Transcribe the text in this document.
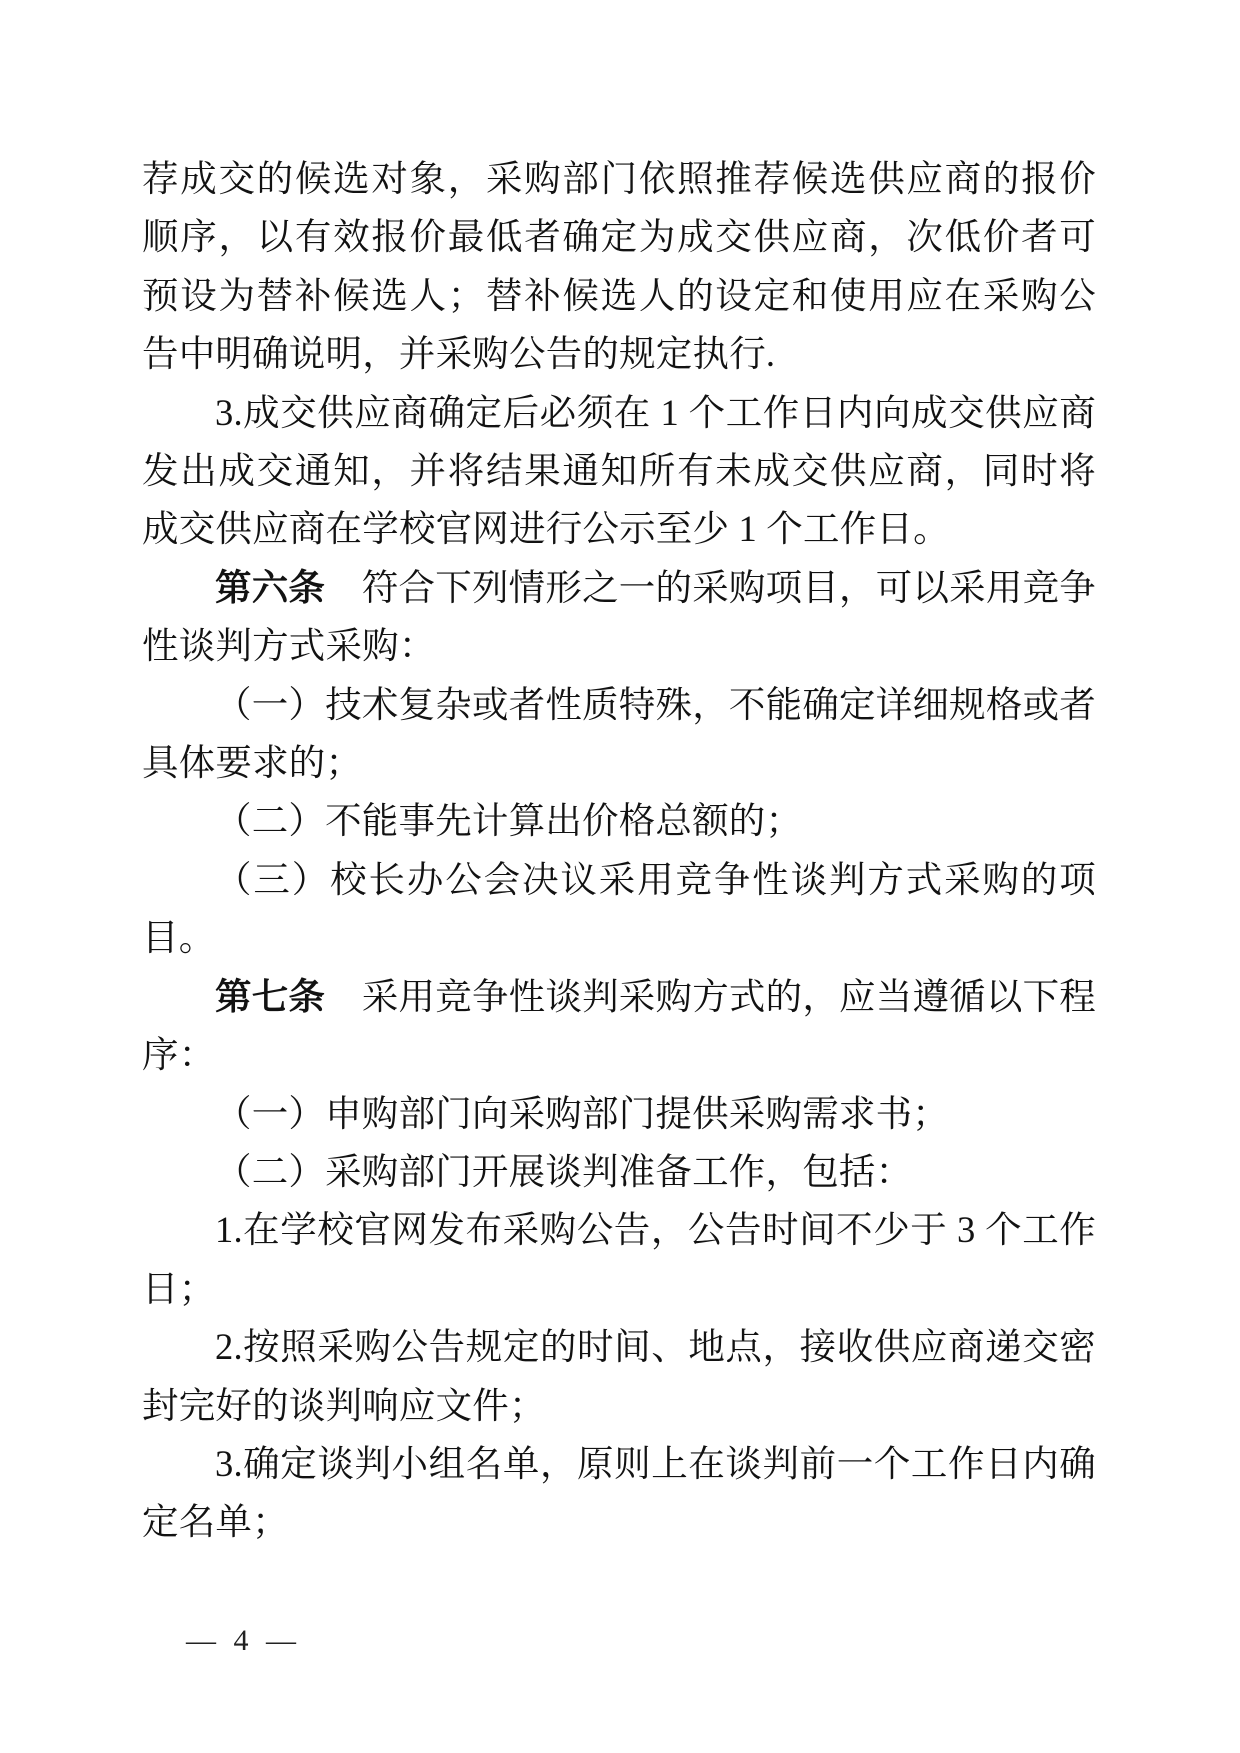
荐成交的候选对象，采购部门依照推荐候选供应商的报价顺序，以有效报价最低者确定为成交供应商，次低价者可预设为替补候选人；替补候选人的设定和使用应在采购公告中明确说明，并采购公告的规定执行.

3.成交供应商确定后必须在 1 个工作日内向成交供应商发出成交通知，并将结果通知所有未成交供应商，同时将成交供应商在学校官网进行公示至少 1 个工作日。

第六条　符合下列情形之一的采购项目，可以采用竞争性谈判方式采购：

（一）技术复杂或者性质特殊，不能确定详细规格或者具体要求的；

（二）不能事先计算出价格总额的；

（三）校长办公会决议采用竞争性谈判方式采购的项目。

第七条　采用竞争性谈判采购方式的，应当遵循以下程序：

（一）申购部门向采购部门提供采购需求书；

（二）采购部门开展谈判准备工作，包括：

1.在学校官网发布采购公告，公告时间不少于 3 个工作日；

2.按照采购公告规定的时间、地点，接收供应商递交密封完好的谈判响应文件；

3.确定谈判小组名单，原则上在谈判前一个工作日内确定名单；

— 4 —
